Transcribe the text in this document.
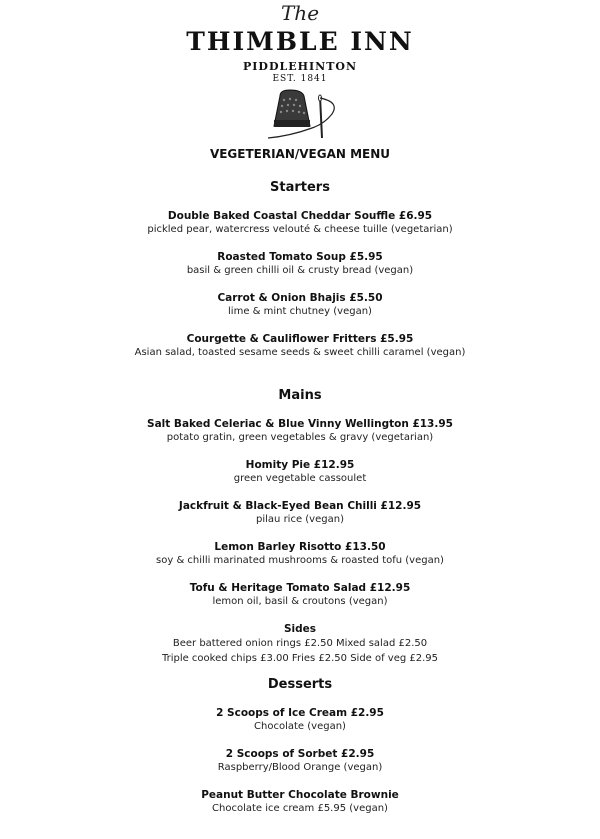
The
THIMBLE INN
PIDDLEHINTON
EST. 1841
VEGETERIAN/VEGAN MENU
Starters
Double Baked Coastal Cheddar Souffle £6.95
pickled pear, watercress velouté & cheese tuille (vegetarian)
Roasted Tomato Soup £5.95
basil & green chilli oil & crusty bread (vegan)
Carrot & Onion Bhajis £5.50
lime & mint chutney (vegan)
Courgette & Cauliflower Fritters £5.95
Asian salad, toasted sesame seeds & sweet chilli caramel (vegan)
Mains
Salt Baked Celeriac & Blue Vinny Wellington £13.95
potato gratin, green vegetables & gravy (vegetarian)
Homity Pie £12.95
green vegetable cassoulet
Jackfruit & Black-Eyed Bean Chilli £12.95
pilau rice (vegan)
Lemon Barley Risotto £13.50
soy & chilli marinated mushrooms & roasted tofu (vegan)
Tofu & Heritage Tomato Salad £12.95
lemon oil, basil & croutons (vegan)
Sides
Beer battered onion rings £2.50 Mixed salad £2.50
Triple cooked chips £3.00 Fries £2.50 Side of veg £2.95
Desserts
2 Scoops of Ice Cream £2.95
Chocolate (vegan)
2 Scoops of Sorbet £2.95
Raspberry/Blood Orange (vegan)
Peanut Butter Chocolate Brownie
Chocolate ice cream £5.95 (vegan)
